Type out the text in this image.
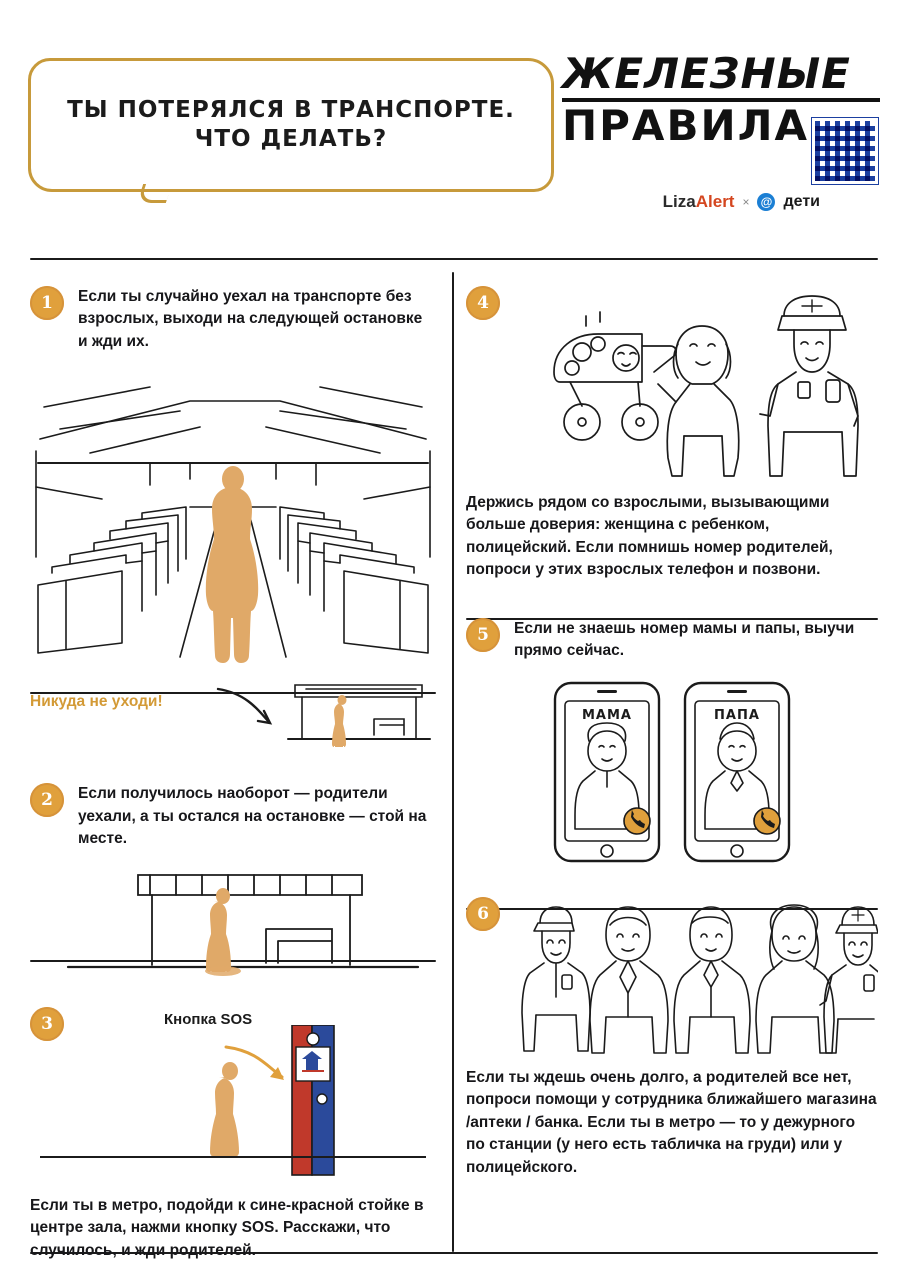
ТЫ ПОТЕРЯЛСЯ В ТРАНСПОРТЕ.
ЧТО ДЕЛАТЬ?
ЖЕЛЕЗНЫЕ
ПРАВИЛА
LizaAlert × @ дети
1	Если ты случайно уехал на транспорте без взрослых, выходи на следующей остановке и жди их.
Никуда не уходи!
2	Если получилось наоборот — родители уехали, а ты остался на остановке — стой на месте.
3	Кнопка SOS
Если ты в метро, подойди к сине-красной стойке в центре зала, нажми кнопку SOS. Расскажи, что случилось, и жди родителей.
4
Держись рядом со взрослыми, вызывающими больше доверия: женщина с ребенком, полицейский. Если помнишь номер родителей, попроси у этих взрослых телефон и позвони.
5	Если не знаешь номер мамы и папы, выучи прямо сейчас.
МАМА	ПАПА
6
Если ты ждешь очень долго, а родителей все нет, попроси помощи у сотрудника ближайшего магазина /аптеки / банка. Если ты в метро — то у дежурного по станции (у него есть табличка на груди) или у полицейского.
